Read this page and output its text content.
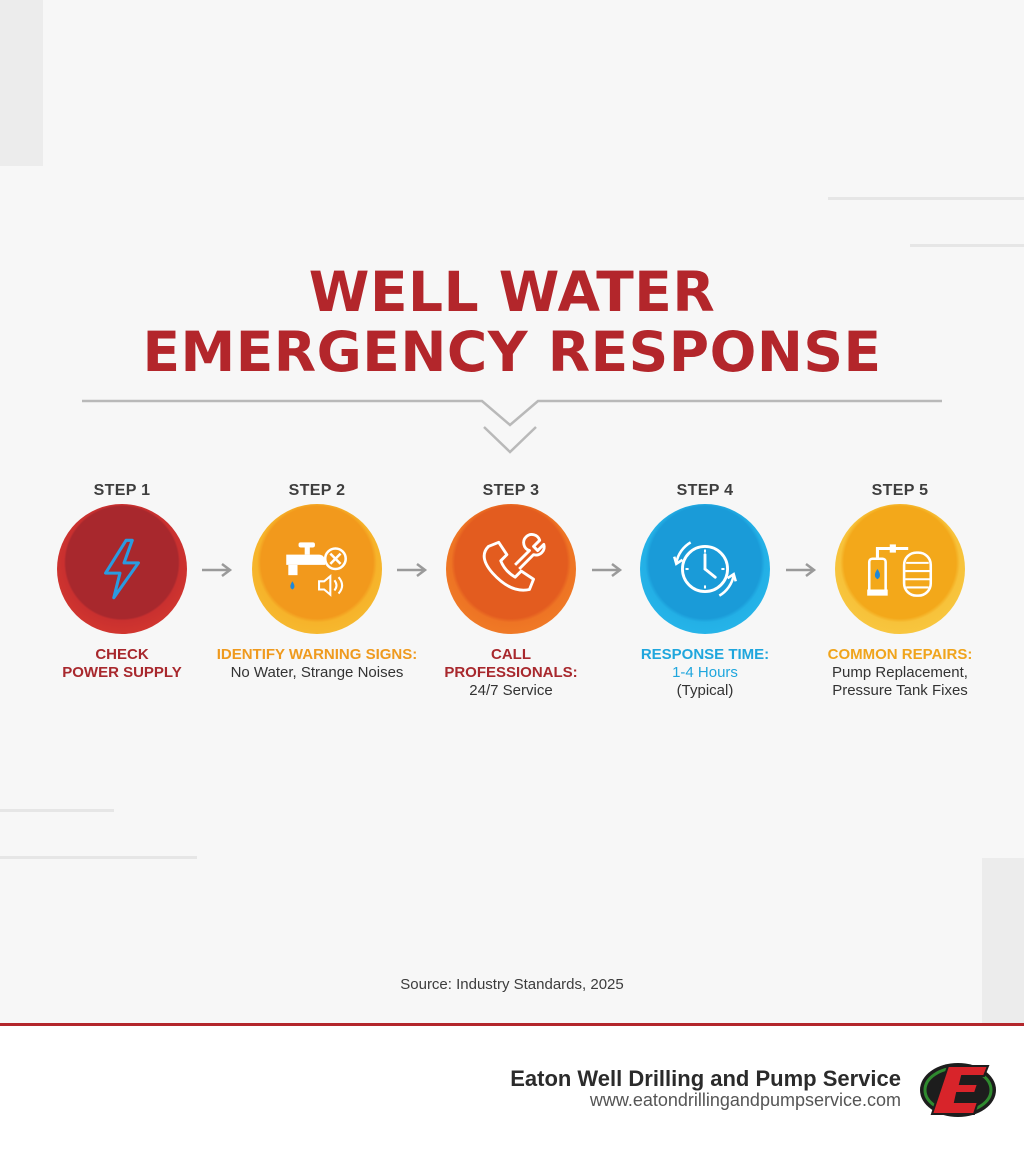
WELL WATER
EMERGENCY RESPONSE
STEP 1
CHECK
POWER SUPPLY
STEP 2
IDENTIFY WARNING SIGNS:
No Water, Strange Noises
STEP 3
CALL
PROFESSIONALS:
24/7 Service
STEP 4
RESPONSE TIME:
1-4 Hours
(Typical)
STEP 5
COMMON REPAIRS:
Pump Replacement,
Pressure Tank Fixes
Source: Industry Standards, 2025
Eaton Well Drilling and Pump Service
www.eatondrillingandpumpservice.com
